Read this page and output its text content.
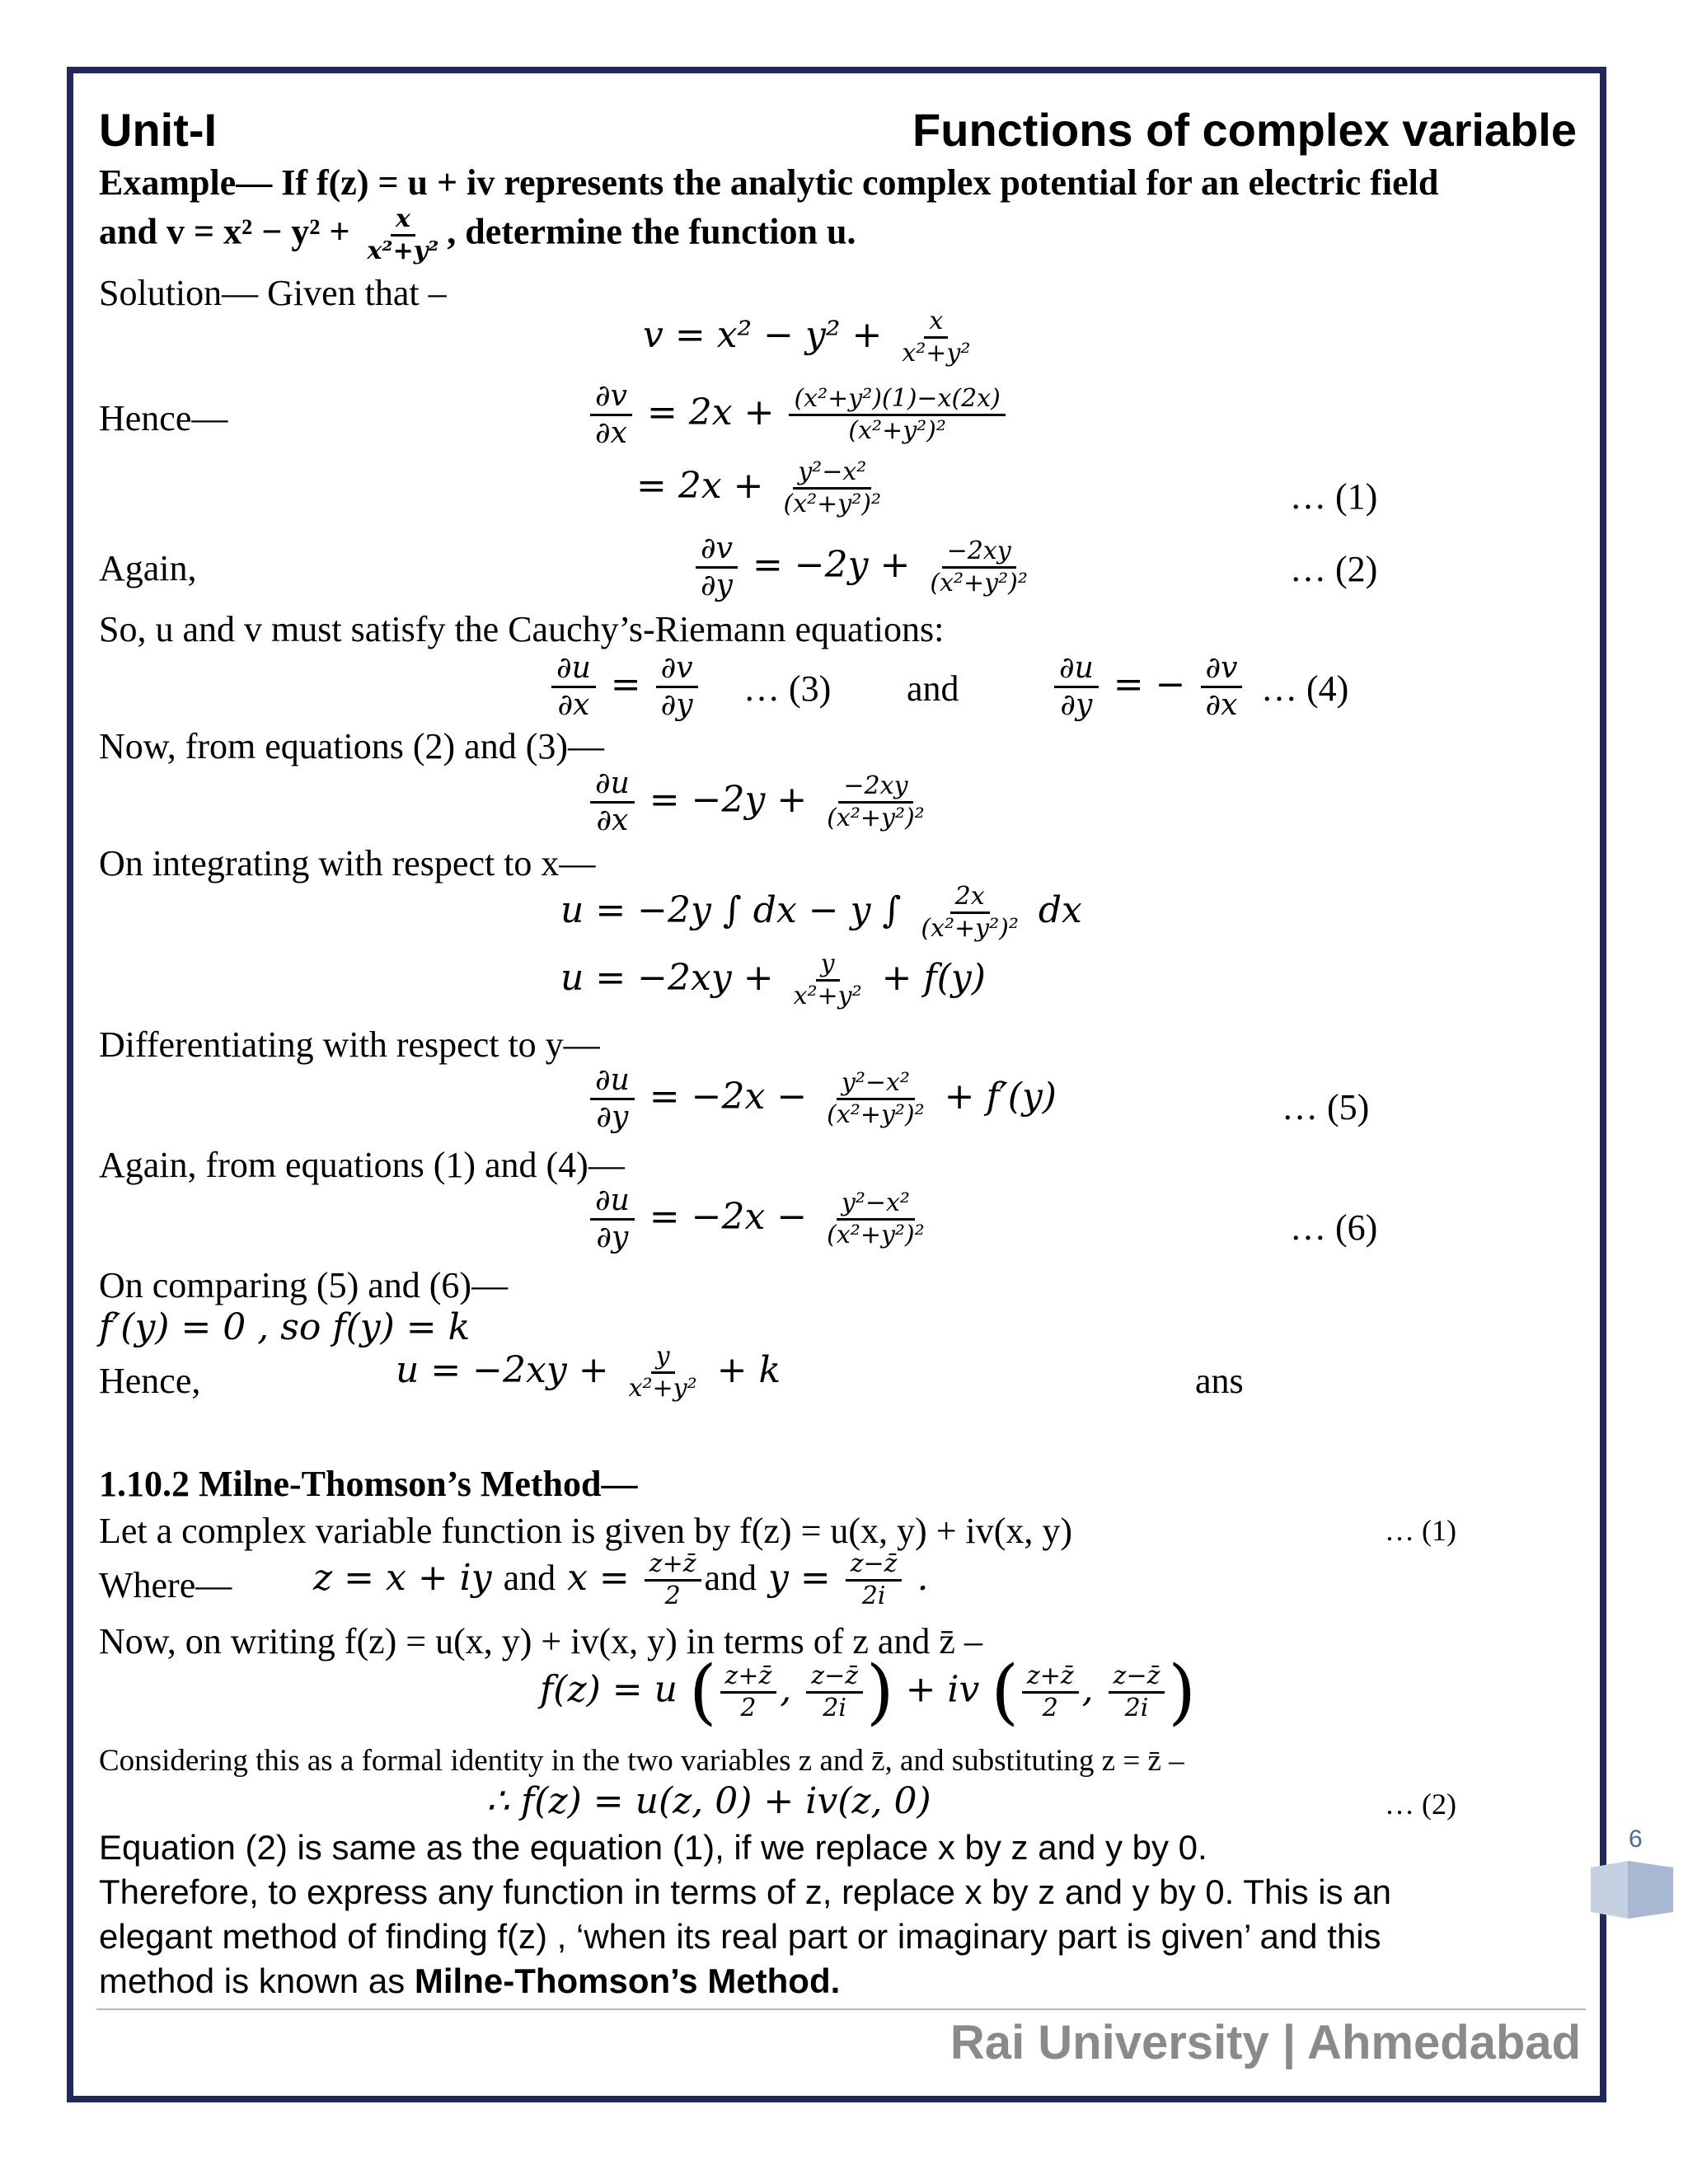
Unit-I	Functions of complex variable
Example— If f(z) = u + iv represents the analytic complex potential for an electric field
and $v = x^2 - y^2 + \frac{x}{\text{x²+y²}}$ , determine the function u.
Solution— Given that –
$v = x^2 - y^2 + \frac{x}{\text{x²+y²}}$
Hence—	$\frac{\partial v}{\partial x} = 2x + \frac{\text{(x²+y²)(1)−x(2x)}}{\text{(x²+y²)²}}$
= $2x + \frac{\text{y²−x²}}{\text{(x²+y²)²}}$	… (1)
Again,	$\frac{\partial v}{\partial y} = -2y + \frac{-2xy}{\text{(x²+y²)²}}$	… (2)
So, u and v must satisfy the Cauchy’s-Riemann equations:
$\frac{\partial u}{\partial x} = \frac{\partial v}{\partial y}$ … (3) and	$\frac{\partial u}{\partial y}$ = − $\frac{\partial v}{\partial x}$ … (4)
Now, from equations (2) and (3)—
$\frac{\partial u}{\partial x} = -2y + \frac{-2xy}{\text{(x²+y²)²}}$
On integrating with respect to x—
u = −2y ∫ dx − y ∫ $\frac{2x}{\text{(x²+y²)²}}$ dx
$u = -2xy + \frac{y}{\text{x²+y²}} + f(y)$
Differentiating with respect to y—
$\frac{\partial u}{\partial y} = -2x - \frac{\text{y²−x²}}{\text{(x²+y²)²}} + f'(y)$	… (5)
Again, from equations (1) and (4)—
$\frac{\partial u}{\partial y} = -2x - \frac{\text{y²−x²}}{\text{(x²+y²)²}}$	… (6)
On comparing (5) and (6)—
f′(y) = 0 , so f(y) = k
Hence,	$u = -2xy + \frac{y}{\text{x²+y²}} + k$	ans
1.10.2 Milne-Thomson’s Method—
Let a complex variable function is given by f(z) = u(x, y) + iv(x, y)	… (1)
Where— z = x + iy and $x = \frac{z+z̄}{2}$ and $y = \frac{z-z̄}{2i}$ .
Now, on writing f(z) = u(x, y) + iv(x, y) in terms of z and z̄ –
f(z) = u ( $\frac{z+z̄}{2}$ , $\frac{z-z̄}{2i}$ ) + iv ( $\frac{z+z̄}{2}$ , $\frac{z-z̄}{2i}$ )
Considering this as a formal identity in the two variables z and z̄, and substituting z = z̄ –
∴ f(z) = u(z, 0) + iv(z, 0)	… (2)
Equation (2) is same as the equation (1), if we replace x by z and y by 0.
Therefore, to express any function in terms of z, replace x by z and y by 0. This is an
elegant method of finding f(z) , ‘when its real part or imaginary part is given’ and this
method is known as Milne-Thomson’s Method.
Rai University | Ahmedabad
6
